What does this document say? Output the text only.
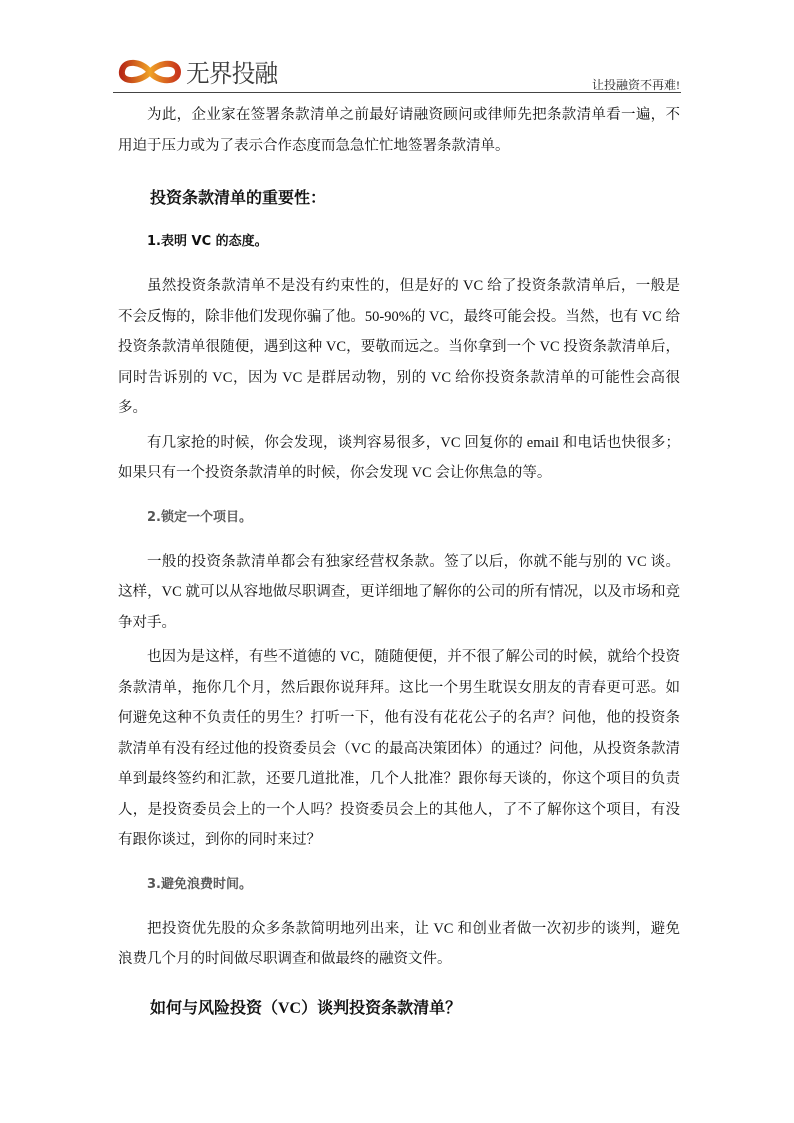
无界投融	让投融资不再难!

为此，企业家在签署条款清单之前最好请融资顾问或律师先把条款清单看一遍，不用迫于压力或为了表示合作态度而急急忙忙地签署条款清单。

投资条款清单的重要性：
1.表明 VC 的态度。

虽然投资条款清单不是没有约束性的，但是好的 VC 给了投资条款清单后，一般是不会反悔的，除非他们发现你骗了他。50-90%的 VC，最终可能会投。当然，也有 VC 给投资条款清单很随便，遇到这种 VC，要敬而远之。当你拿到一个 VC 投资条款清单后，同时告诉别的 VC，因为 VC 是群居动物，别的 VC 给你投资条款清单的可能性会高很多。

有几家抢的时候，你会发现，谈判容易很多，VC 回复你的 email 和电话也快很多；如果只有一个投资条款清单的时候，你会发现 VC 会让你焦急的等。

2.锁定一个项目。

一般的投资条款清单都会有独家经营权条款。签了以后，你就不能与别的 VC 谈。这样，VC 就可以从容地做尽职调查，更详细地了解你的公司的所有情况，以及市场和竞争对手。

也因为是这样，有些不道德的 VC，随随便便，并不很了解公司的时候，就给个投资条款清单，拖你几个月，然后跟你说拜拜。这比一个男生耽误女朋友的青春更可恶。如何避免这种不负责任的男生？打听一下，他有没有花花公子的名声？问他，他的投资条款清单有没有经过他的投资委员会（VC 的最高决策团体）的通过？问他，从投资条款清单到最终签约和汇款，还要几道批准，几个人批准？跟你每天谈的，你这个项目的负责人，是投资委员会上的一个人吗？投资委员会上的其他人，了不了解你这个项目，有没有跟你谈过，到你的同时来过？

3.避免浪费时间。

把投资优先股的众多条款简明地列出来，让 VC 和创业者做一次初步的谈判，避免浪费几个月的时间做尽职调查和做最终的融资文件。

如何与风险投资（VC）谈判投资条款清单？
